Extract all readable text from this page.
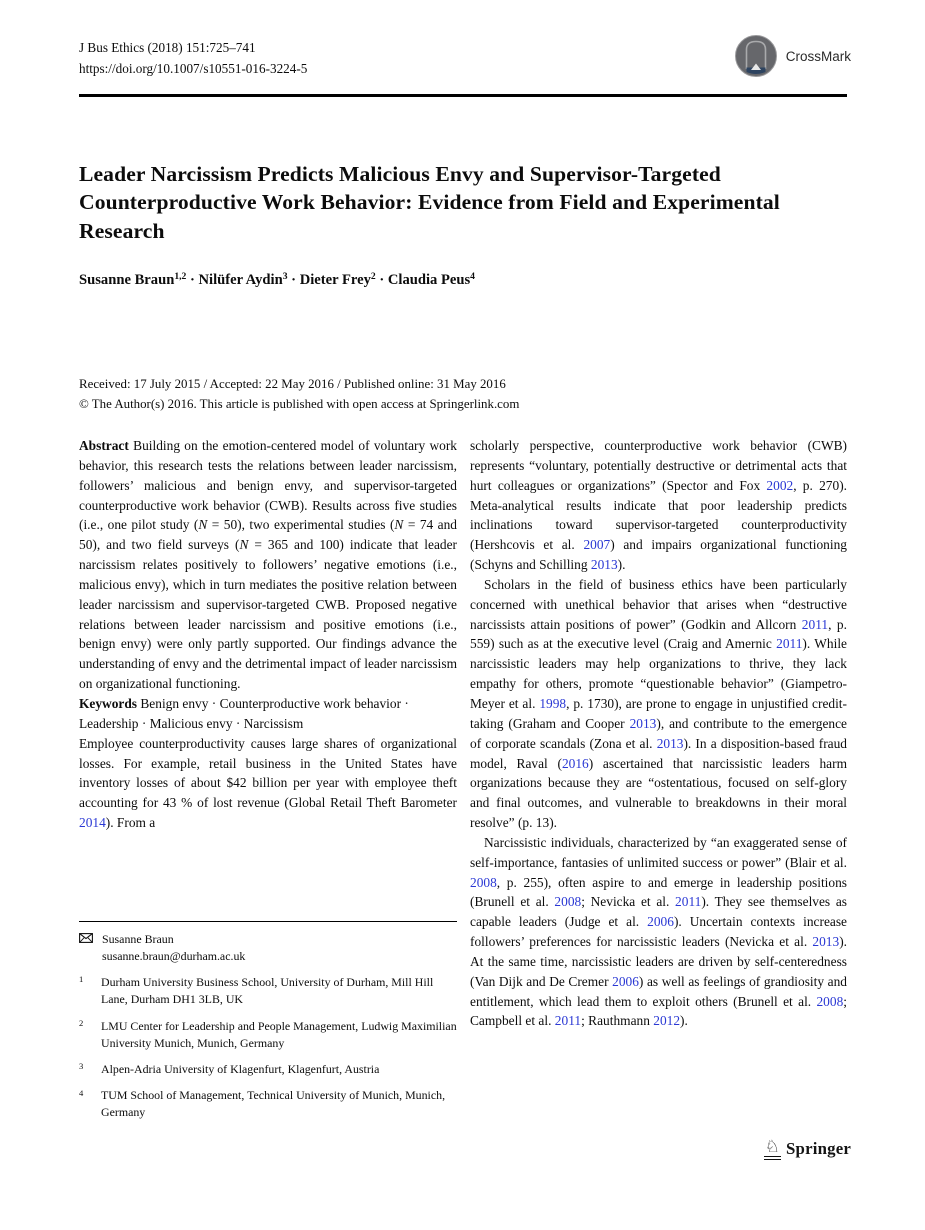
J Bus Ethics (2018) 151:725–741
https://doi.org/10.1007/s10551-016-3224-5
CrossMark
Leader Narcissism Predicts Malicious Envy and Supervisor-Targeted Counterproductive Work Behavior: Evidence from Field and Experimental Research
Susanne Braun$^{1,2}$ · Nilüfer Aydin$^3$ · Dieter Frey$^2$ · Claudia Peus$^4$
Received: 17 July 2015 / Accepted: 22 May 2016 / Published online: 31 May 2016
© The Author(s) 2016. This article is published with open access at Springerlink.com

Abstract Building on the emotion-centered model of voluntary work behavior, this research tests the relations between leader narcissism, followers’ malicious and benign envy, and supervisor-targeted counterproductive work behavior (CWB). Results across five studies (i.e., one pilot study (N = 50), two experimental studies (N = 74 and 50), and two field surveys (N = 365 and 100) indicate that leader narcissism relates positively to followers’ negative emotions (i.e., malicious envy), which in turn mediates the positive relation between leader narcissism and supervisor-targeted CWB. Proposed negative relations between leader narcissism and positive emotions (i.e., benign envy) were only partly supported. Our findings advance the understanding of envy and the detrimental impact of leader narcissism on organizational functioning.

Keywords Benign envy · Counterproductive work behavior · Leadership · Malicious envy · Narcissism

Employee counterproductivity causes large shares of organizational losses. For example, retail business in the United States have inventory losses of about $42 billion per year with employee theft accounting for 43 % of lost revenue (Global Retail Theft Barometer 2014). From a

scholarly perspective, counterproductive work behavior (CWB) represents “voluntary, potentially destructive or detrimental acts that hurt colleagues or organizations” (Spector and Fox 2002, p. 270). Meta-analytical results indicate that poor leadership predicts inclinations toward supervisor-targeted counterproductivity (Hershcovis et al. 2007) and impairs organizational functioning (Schyns and Schilling 2013).

Scholars in the field of business ethics have been particularly concerned with unethical behavior that arises when “destructive narcissists attain positions of power” (Godkin and Allcorn 2011, p. 559) such as at the executive level (Craig and Amernic 2011). While narcissistic leaders may help organizations to thrive, they lack empathy for others, promote “questionable behavior” (Giampetro-Meyer et al. 1998, p. 1730), are prone to engage in unjustified credit-taking (Graham and Cooper 2013), and contribute to the emergence of corporate scandals (Zona et al. 2013). In a disposition-based fraud model, Raval (2016) ascertained that narcissistic leaders harm organizations because they are “ostentatious, focused on self-glory and final outcomes, and vulnerable to breakdowns in their moral resolve” (p. 13).

Narcissistic individuals, characterized by “an exaggerated sense of self-importance, fantasies of unlimited success or power” (Blair et al. 2008, p. 255), often aspire to and emerge in leadership positions (Brunell et al. 2008; Nevicka et al. 2011). They see themselves as capable leaders (Judge et al. 2006). Uncertain contexts increase followers’ preferences for narcissistic leaders (Nevicka et al. 2013). At the same time, narcissistic leaders are driven by self-centeredness (Van Dijk and De Cremer 2006) as well as feelings of grandiosity and entitlement, which lead them to exploit others (Brunell et al. 2008; Campbell et al. 2011; Rauthmann 2012).

Susanne Braun
susanne.braun@durham.ac.uk
1	Durham University Business School, University of Durham, Mill Hill Lane, Durham DH1 3LB, UK
2	LMU Center for Leadership and People Management, Ludwig Maximilian University Munich, Munich, Germany
3	Alpen-Adria University of Klagenfurt, Klagenfurt, Austria
4	TUM School of Management, Technical University of Munich, Munich, Germany
♘ Springer
